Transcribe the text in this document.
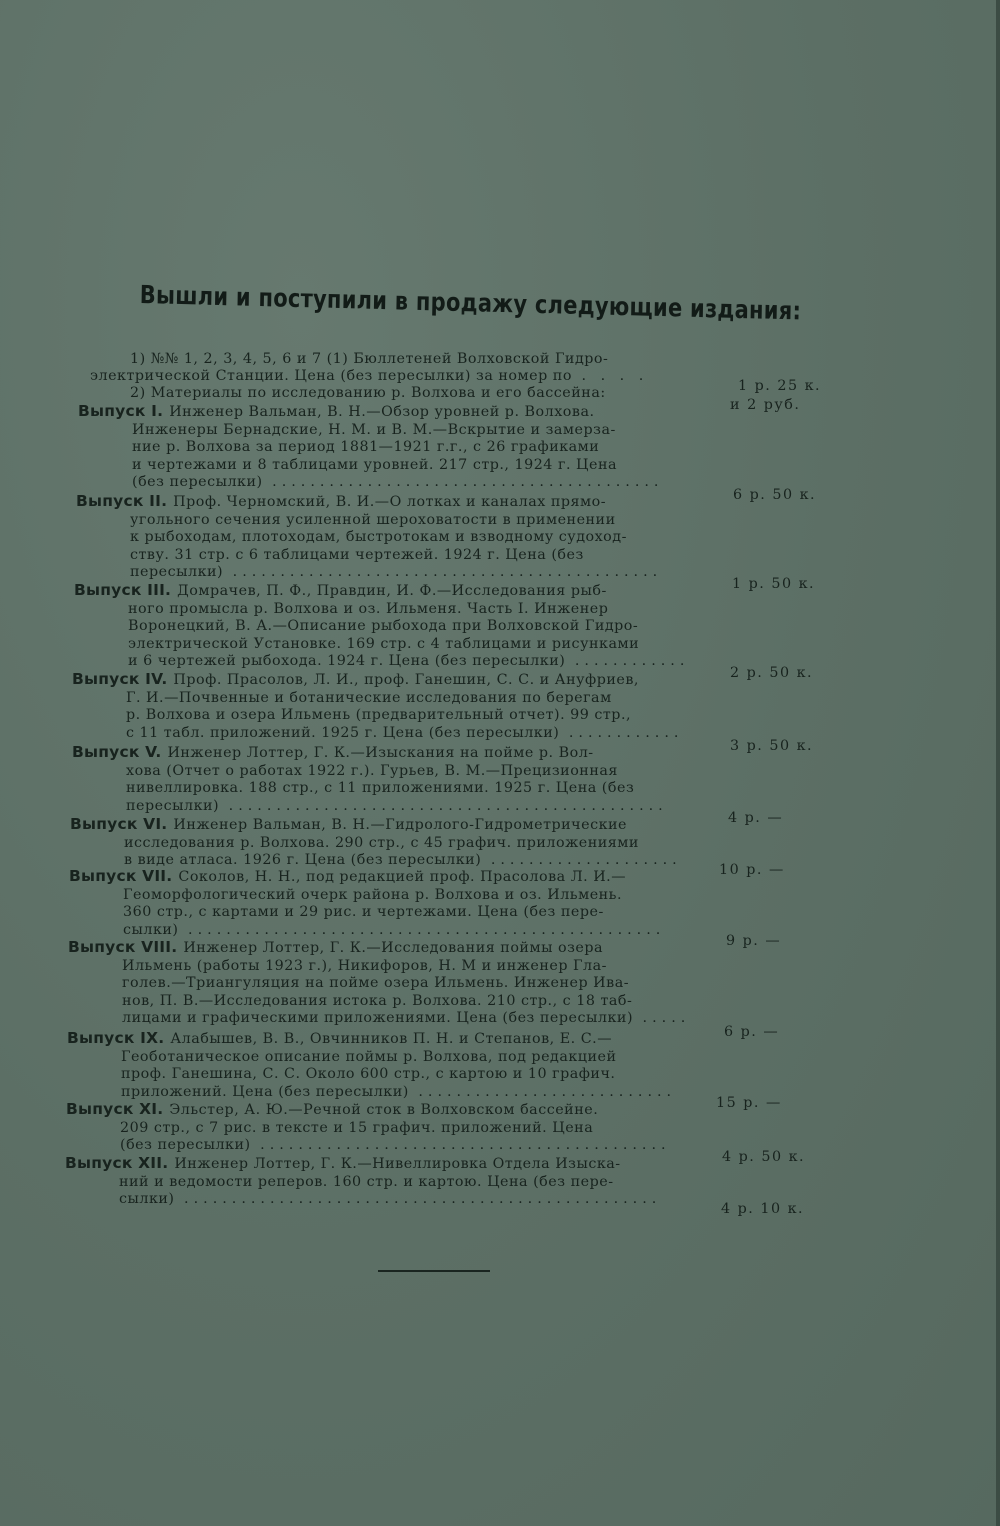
Вышли и поступили в продажу следующие издания:
1) №№ 1, 2, 3, 4, 5, 6 и 7 (1) Бюллетеней Волховской Гидро-
электрической Станции. Цена (без пересылки) за номер по . . . .
2) Материалы по исследованию р. Волхова и его бассейна:	1 р. 25 к.
и 2 руб.
Выпуск I. Инженер Вальман, В. Н.—Обзор уровней р. Волхова.
Инженеры Бернадские, Н. М. и В. М.—Вскрытие и замерза-
ние р. Волхова за период 1881—1921 г.г., с 26 графиками
и чертежами и 8 таблицами уровней. 217 стр., 1924 г. Цена
(без пересылки) .........................................
6 р. 50 к.
Выпуск II. Проф. Черномский, В. И.—О лотках и каналах прямо-
угольного сечения усиленной шероховатости в применении
к рыбоходам, плотоходам, быстротокам и взводному судоход-
ству. 31 стр. с 6 таблицами чертежей. 1924 г. Цена (без
пересылки) .............................................
1 р. 50 к.
Выпуск III. Домрачев, П. Ф., Правдин, И. Ф.—Исследования рыб-
ного промысла р. Волхова и оз. Ильменя. Часть I. Инженер
Воронецкий, В. А.—Описание рыбохода при Волховской Гидро-
электрической Установке. 169 стр. с 4 таблицами и рисунками
и 6 чертежей рыбохода. 1924 г. Цена (без пересылки) ............
2 р. 50 к.
Выпуск IV. Проф. Прасолов, Л. И., проф. Ганешин, С. С. и Ануфриев,
Г. И.—Почвенные и ботанические исследования по берегам
р. Волхова и озера Ильмень (предварительный отчет). 99 стр.,
с 11 табл. приложений. 1925 г. Цена (без пересылки) ............
3 р. 50 к.
Выпуск V. Инженер Лоттер, Г. К.—Изыскания на пойме р. Вол-
хова (Отчет о работах 1922 г.). Гурьев, В. М.—Прецизионная
нивеллировка. 188 стр., с 11 приложениями. 1925 г. Цена (без
пересылки) ..............................................
4 р. —
Выпуск VI. Инженер Вальман, В. Н.—Гидролого-Гидрометрические
исследования р. Волхова. 290 стр., с 45 графич. приложениями
в виде атласа. 1926 г. Цена (без пересылки) ....................
10 р. —
Выпуск VII. Соколов, Н. Н., под редакцией проф. Прасолова Л. И.—
Геоморфологический очерк района р. Волхова и оз. Ильмень.
360 стр., с картами и 29 рис. и чертежами. Цена (без пере-
сылки) ..................................................
9 р. —
Выпуск VIII. Инженер Лоттер, Г. К.—Исследования поймы озера
Ильмень (работы 1923 г.), Никифоров, Н. М и инженер Гла-
голев.—Триангуляция на пойме озера Ильмень. Инженер Ива-
нов, П. В.—Исследования истока р. Волхова. 210 стр., с 18 таб-
лицами и графическими приложениями. Цена (без пересылки) .....
6 р. —
Выпуск IX. Алабышев, В. В., Овчинников П. Н. и Степанов, Е. С.—
Геоботаническое описание поймы р. Волхова, под редакцией
проф. Ганешина, С. С. Около 600 стр., с картою и 10 графич.
приложений. Цена (без пересылки) ...........................
15 р. —
Выпуск XI. Эльстер, А. Ю.—Речной сток в Волховском бассейне.
209 стр., с 7 рис. в тексте и 15 графич. приложений. Цена
(без пересылки) ...........................................
4 р. 50 к.
Выпуск XII. Инженер Лоттер, Г. К.—Нивеллировка Отдела Изыска-
ний и ведомости реперов. 160 стр. и картою. Цена (без пере-
сылки) ..................................................
4 р. 10 к.
